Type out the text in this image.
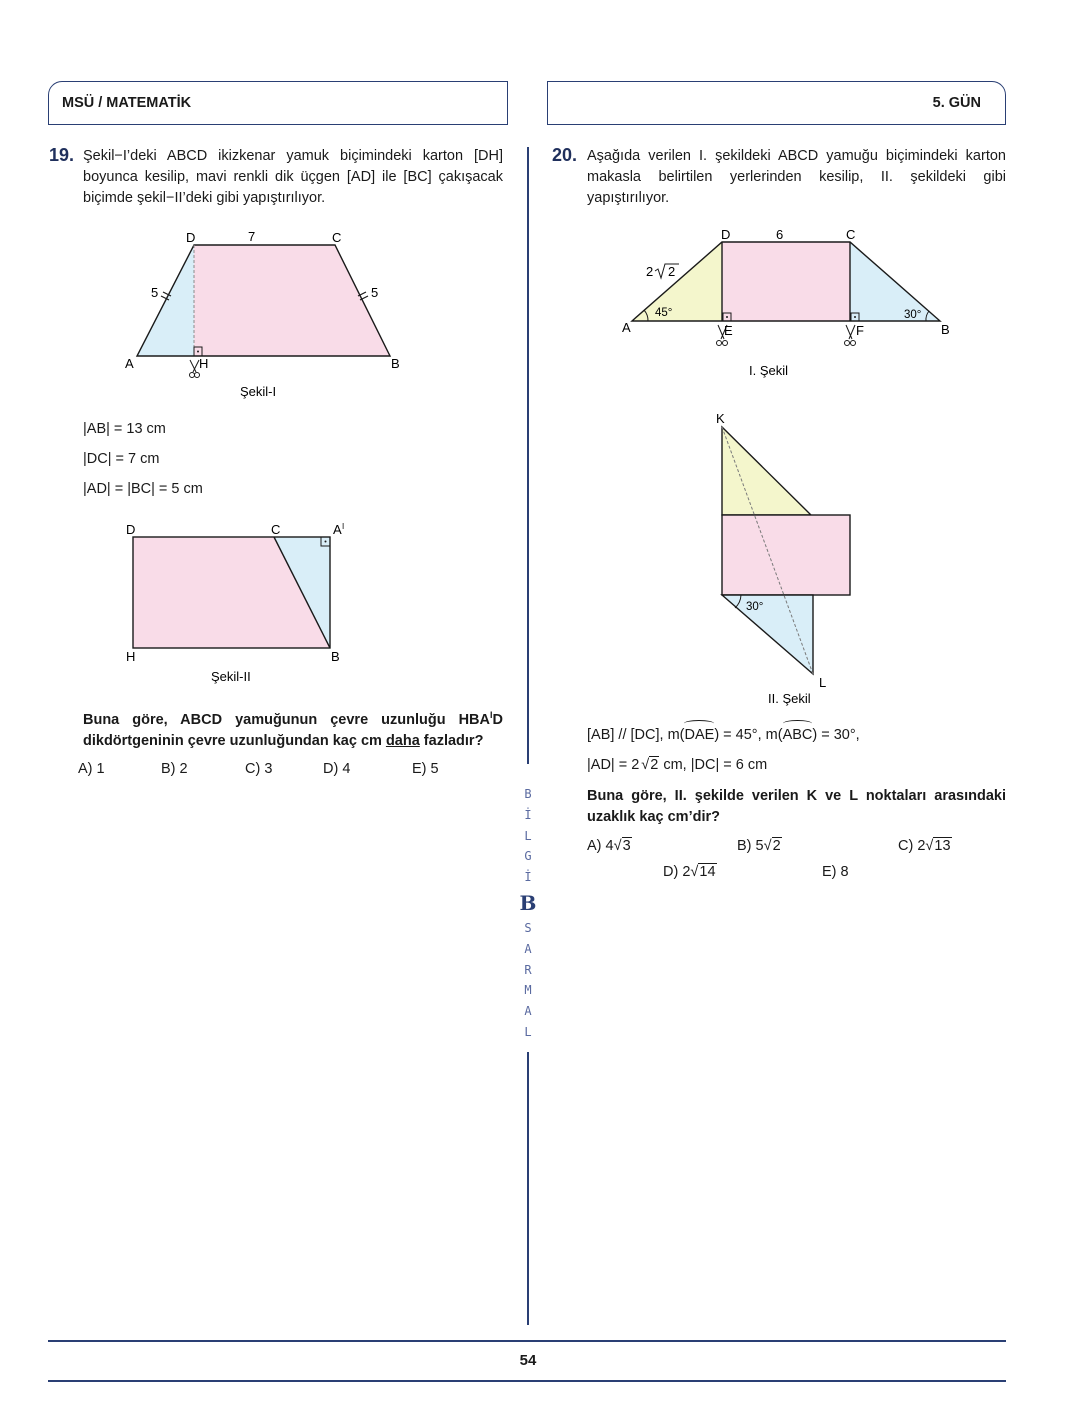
MSÜ / MATEMATİK	5. GÜN
19. Şekil−I’deki ABCD ikizkenar yamuk biçimindeki karton [DH] boyunca kesilip, mavi renkli dik üçgen [AD] ile [BC] çakışacak biçimde şekil−II’deki gibi yapıştırılıyor.
D	C
A	B
H
7
5	5
Şekil-I
|AB| = 13 cm
|DC| = 7 cm
|AD| = |BC| = 5 cm
D	C	A I
H	B
Şekil-II
Buna göre, ABCD yamuğunun çevre uzunluğu $HBA^ID$ dikdörtgeninin çevre uzunluğundan kaç cm daha fazladır?
A) 1	B) 2	C) 3	D) 4	E) 5
B
İ
L
G
İ
B
S
A
R
M
A
L
20. Aşağıda verilen I. şekildeki ABCD yamuğu biçimindeki karton makasla belirtilen yerlerinden kesilip, II. şekildeki gibi yapıştırılıyor.
D	C
A	B
E	F
6
2 2
45°	30°
I. Şekil
K
L
30°
II. Şekil
[AB] // [DC], m(
DAE) = 45°, m(
ABC) = 30°,
|AD| = 2 √2 cm, |DC| = 6 cm
Buna göre, II. şekilde verilen K ve L noktaları arasındaki uzaklık kaç cm’dir?
A) 4√3	B) 5√2	C) 2√13
D) 2√14	E) 8
54
